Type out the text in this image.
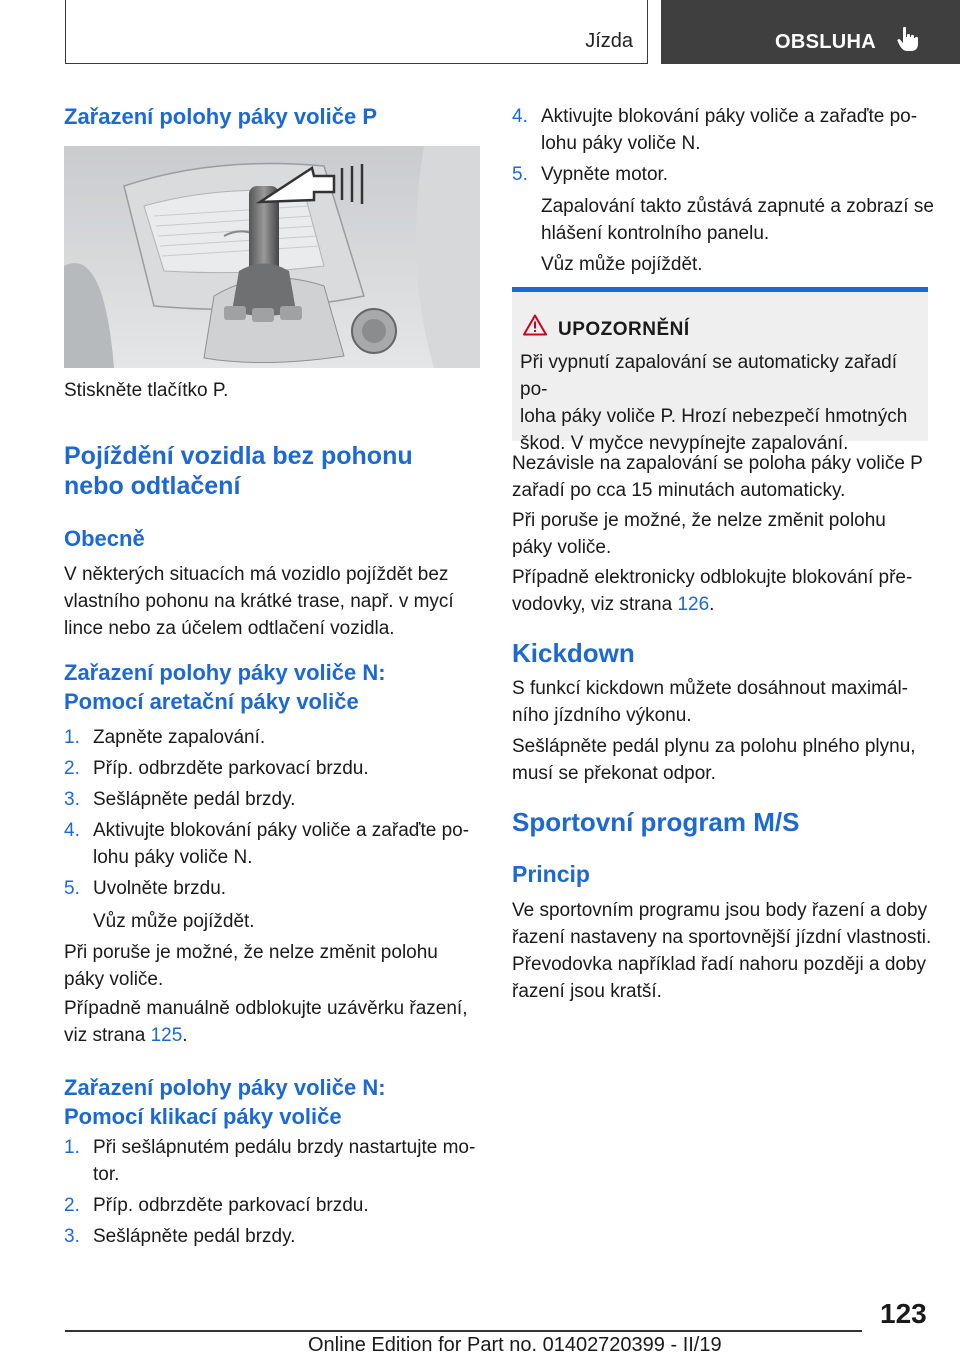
Jízda	OBSLUHA
Zařazení polohy páky voliče P
Stiskněte tlačítko P.
Pojíždění vozidla bez pohonu
nebo odtlačení
Obecně
V některých situacích má vozidlo pojíždět bez
vlastního pohonu na krátké trase, např. v mycí
lince nebo za účelem odtlačení vozidla.
Zařazení polohy páky voliče N:
Pomocí aretační páky voliče
1. Zapněte zapalování.
2. Příp. odbrzděte parkovací brzdu.
3. Sešlápněte pedál brzdy.
4. Aktivujte blokování páky voliče a zařaďte po-
lohu páky voliče N.
5. Uvolněte brzdu.
Vůz může pojíždět.
Při poruše je možné, že nelze změnit polohu
páky voliče.
Případně manuálně odblokujte uzávěrku řazení,
viz strana 125.
Zařazení polohy páky voliče N:
Pomocí klikací páky voliče
1. Při sešlápnutém pedálu brzdy nastartujte mo-
tor.
2. Příp. odbrzděte parkovací brzdu.
3. Sešlápněte pedál brzdy.
4. Aktivujte blokování páky voliče a zařaďte po-
lohu páky voliče N.
5. Vypněte motor.
Zapalování takto zůstává zapnuté a zobrazí se
hlášení kontrolního panelu.
Vůz může pojíždět.
UPOZORNĚNÍ
Při vypnutí zapalování se automaticky zařadí po-
loha páky voliče P. Hrozí nebezpečí hmotných
škod. V myčce nevypínejte zapalování.
Nezávisle na zapalování se poloha páky voliče P
zařadí po cca 15 minutách automaticky.
Při poruše je možné, že nelze změnit polohu
páky voliče.
Případně elektronicky odblokujte blokování pře-
vodovky, viz strana 126.
Kickdown
S funkcí kickdown můžete dosáhnout maximál-
ního jízdního výkonu.
Sešlápněte pedál plynu za polohu plného plynu,
musí se překonat odpor.
Sportovní program M/S
Princip
Ve sportovním programu jsou body řazení a doby
řazení nastaveny na sportovnější jízdní vlastnosti.
Převodovka například řadí nahoru později a doby
řazení jsou kratší.
123
Online Edition for Part no. 01402720399 - II/19
